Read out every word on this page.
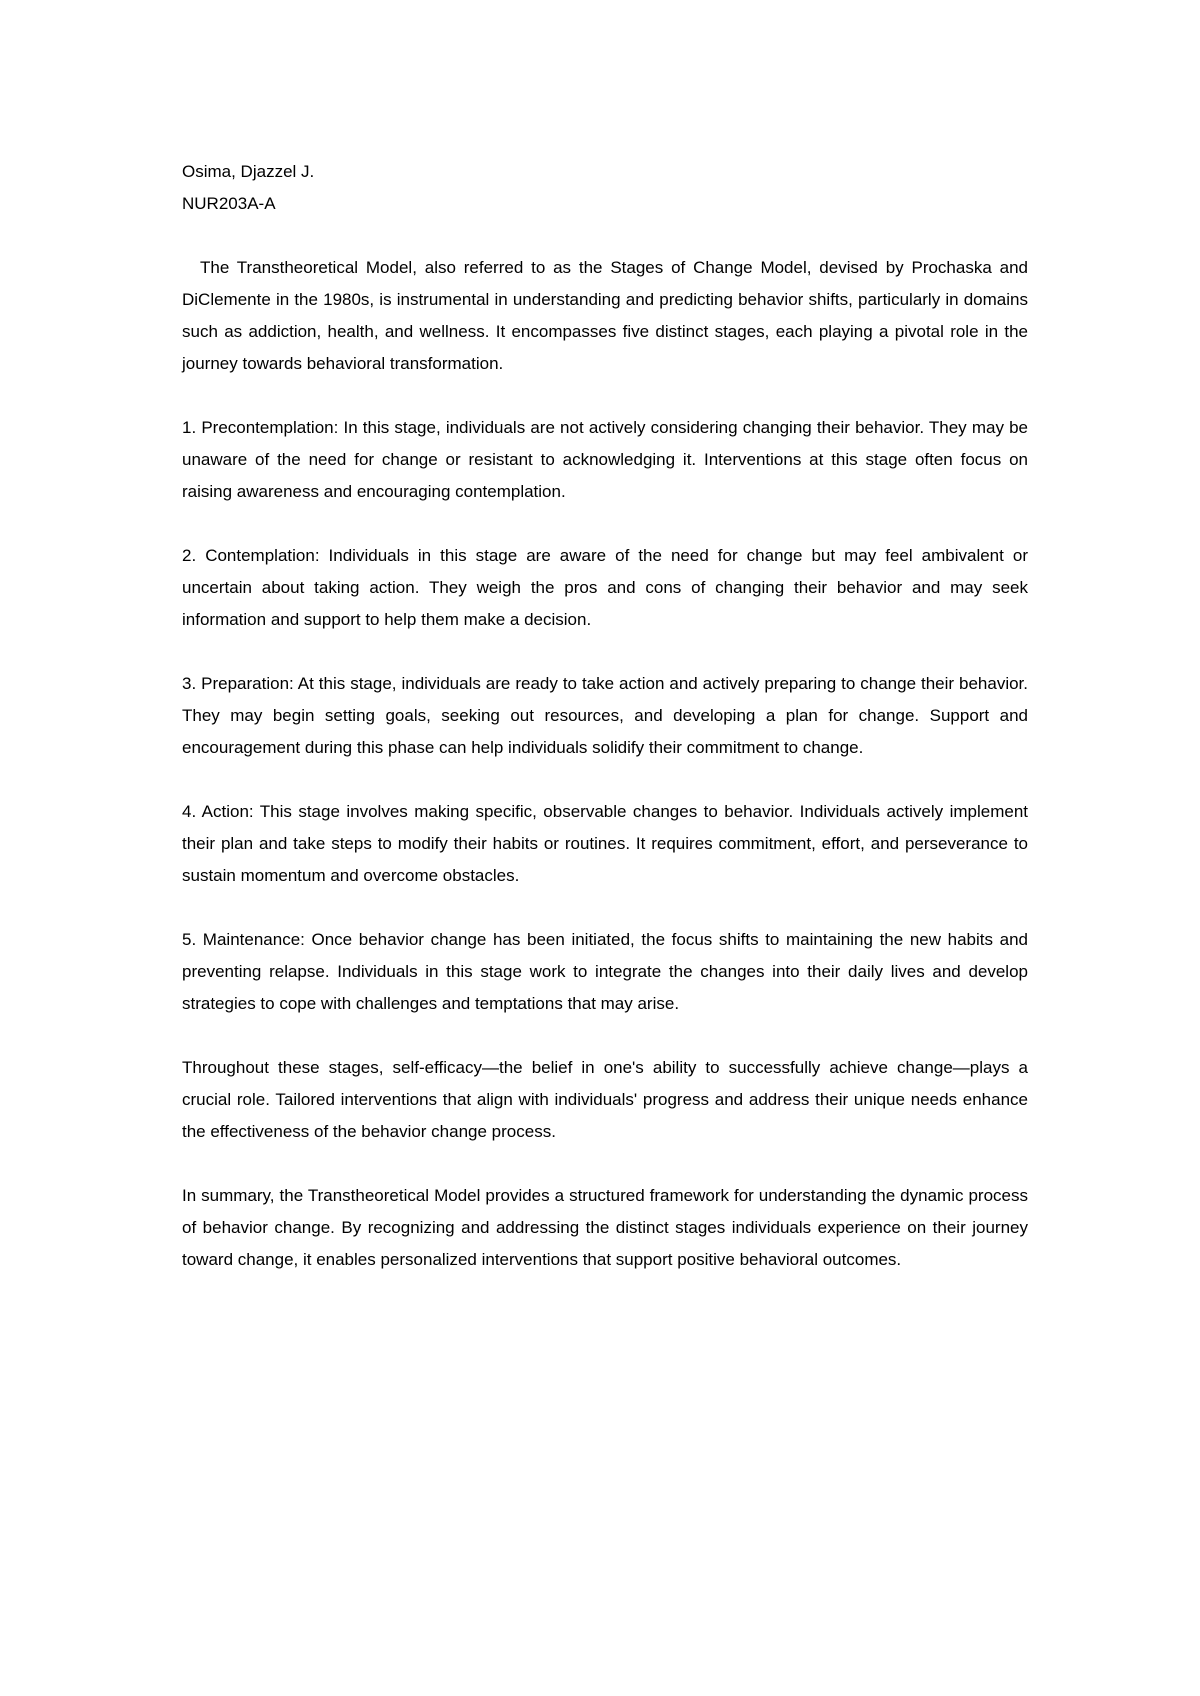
Osima, Djazzel J.

NUR203A-A

The Transtheoretical Model, also referred to as the Stages of Change Model, devised by Prochaska and DiClemente in the 1980s, is instrumental in understanding and predicting behavior shifts, particularly in domains such as addiction, health, and wellness. It encompasses five distinct stages, each playing a pivotal role in the journey towards behavioral transformation.

1. Precontemplation: In this stage, individuals are not actively considering changing their behavior. They may be unaware of the need for change or resistant to acknowledging it. Interventions at this stage often focus on raising awareness and encouraging contemplation.

2. Contemplation: Individuals in this stage are aware of the need for change but may feel ambivalent or uncertain about taking action. They weigh the pros and cons of changing their behavior and may seek information and support to help them make a decision.

3. Preparation: At this stage, individuals are ready to take action and actively preparing to change their behavior. They may begin setting goals, seeking out resources, and developing a plan for change. Support and encouragement during this phase can help individuals solidify their commitment to change.

4. Action: This stage involves making specific, observable changes to behavior. Individuals actively implement their plan and take steps to modify their habits or routines. It requires commitment, effort, and perseverance to sustain momentum and overcome obstacles.

5. Maintenance: Once behavior change has been initiated, the focus shifts to maintaining the new habits and preventing relapse. Individuals in this stage work to integrate the changes into their daily lives and develop strategies to cope with challenges and temptations that may arise.

Throughout these stages, self-efficacy—the belief in one's ability to successfully achieve change—plays a crucial role. Tailored interventions that align with individuals' progress and address their unique needs enhance the effectiveness of the behavior change process.

In summary, the Transtheoretical Model provides a structured framework for understanding the dynamic process of behavior change. By recognizing and addressing the distinct stages individuals experience on their journey toward change, it enables personalized interventions that support positive behavioral outcomes.
